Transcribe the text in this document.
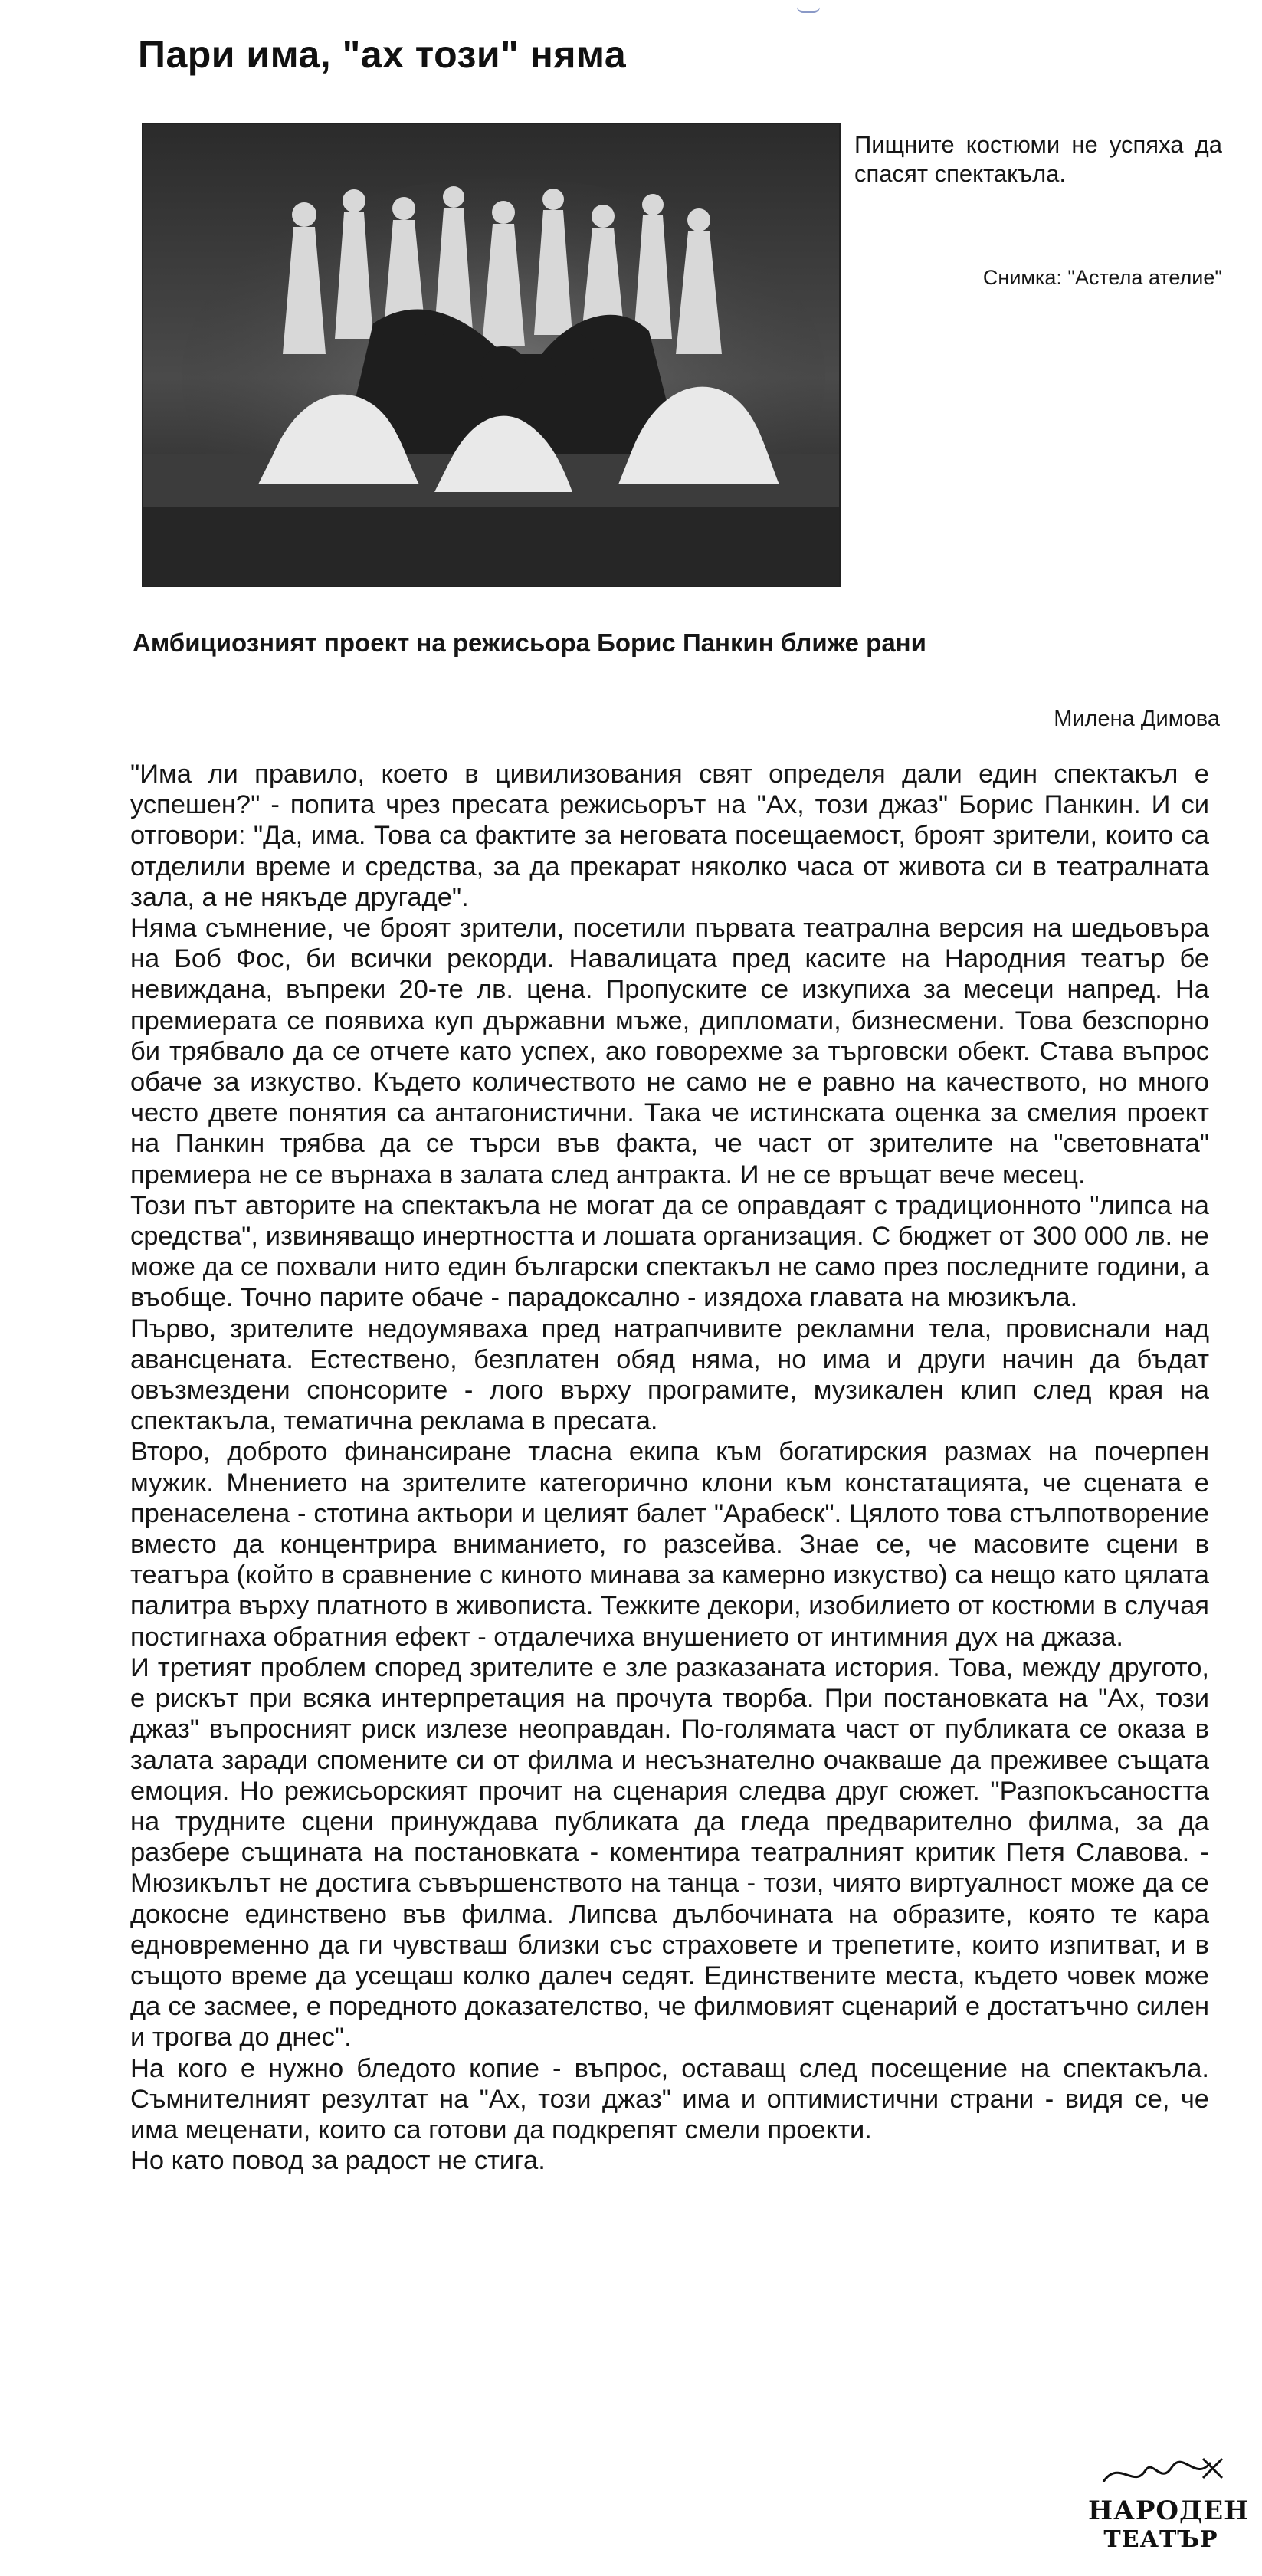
Пари има, "ах този" няма
Пищните костюми не успяха да спасят спектакъла.
Снимка: "Астела ателие"
Амбициозният проект на режисьора Борис Панкин ближе рани
Милена Димова

"Има ли правило, което в цивилизования свят определя дали един спектакъл е успешен?" - попита чрез пресата режисьорът на "Ах, този джаз" Борис Панкин. И си отговори: "Да, има. Това са фактите за неговата посещаемост, броят зрители, които са отделили време и средства, за да прекарат няколко часа от живота си в театралната зала, а не някъде другаде".

Няма съмнение, че броят зрители, посетили първата театрална версия на шедьовъра на Боб Фос, би всички рекорди. Навалицата пред касите на Народния театър бе невиждана, въпреки 20-те лв. цена. Пропуските се изкупиха за месеци напред. На премиерата се появиха куп държавни мъже, дипломати, бизнесмени. Това безспорно би трябвало да се отчете като успех, ако говорехме за търговски обект. Става въпрос обаче за изкуство. Където количеството не само не е равно на качеството, но много често двете понятия са антагонистични. Така че истинската оценка за смелия проект на Панкин трябва да се търси във факта, че част от зрителите на "световната" премиера не се върнаха в залата след антракта. И не се връщат вече месец.

Този път авторите на спектакъла не могат да се оправдаят с традиционното "липса на средства", извиняващо инертността и лошата организация. С бюджет от 300 000 лв. не може да се похвали нито един български спектакъл не само през последните години, а въобще. Точно парите обаче - парадоксално - изядоха главата на мюзикъла.

Първо, зрителите недоумяваха пред натрапчивите рекламни тела, провиснали над авансцената. Естествено, безплатен обяд няма, но има и други начин да бъдат овъзмездени спонсорите - лого върху програмите, музикален клип след края на спектакъла, тематична реклама в пресата.

Второ, доброто финансиране тласна екипа към богатирския размах на почерпен мужик. Мнението на зрителите категорично клони към констатацията, че сцената е пренаселена - стотина актьори и целият балет "Арабеск". Цялото това стълпотворение вместо да концентрира вниманието, го разсейва. Знае се, че масовите сцени в театъра (който в сравнение с киното минава за камерно изкуство) са нещо като цялата палитра върху платното в живописта. Тежките декори, изобилието от костюми в случая постигнаха обратния ефект - отдалечиха внушението от интимния дух на джаза.

И третият проблем според зрителите е зле разказаната история. Това, между другото, е рискът при всяка интерпретация на прочута творба. При постановката на "Ах, този джаз" въпросният риск излезе неоправдан. По-голямата част от публиката се оказа в залата заради спомените си от филма и несъзнателно очакваше да преживее същата емоция. Но режисьорският прочит на сценария следва друг сюжет. "Разпокъсаността на трудните сцени принуждава публиката да гледа предварително филма, за да разбере същината на постановката - коментира театралният критик Петя Славова. - Мюзикълът не достига съвършенството на танца - този, чиято виртуалност може да се докосне единствено във филма. Липсва дълбочината на образите, която те кара едновременно да ги чувстваш близки със страховете и трепетите, които изпитват, и в същото време да усещаш колко далеч седят. Единствените места, където човек може да се засмее, е поредното доказателство, че филмовият сценарий е достатъчно силен и трогва до днес".

На кого е нужно бледото копие - въпрос, оставащ след посещение на спектакъла. Съмнителният резултат на "Ах, този джаз" има и оптимистични страни - видя се, че има меценати, които са готови да подкрепят смели проекти.

Но като повод за радост не стига.

НАРОДЕН
ТЕАТЪР
